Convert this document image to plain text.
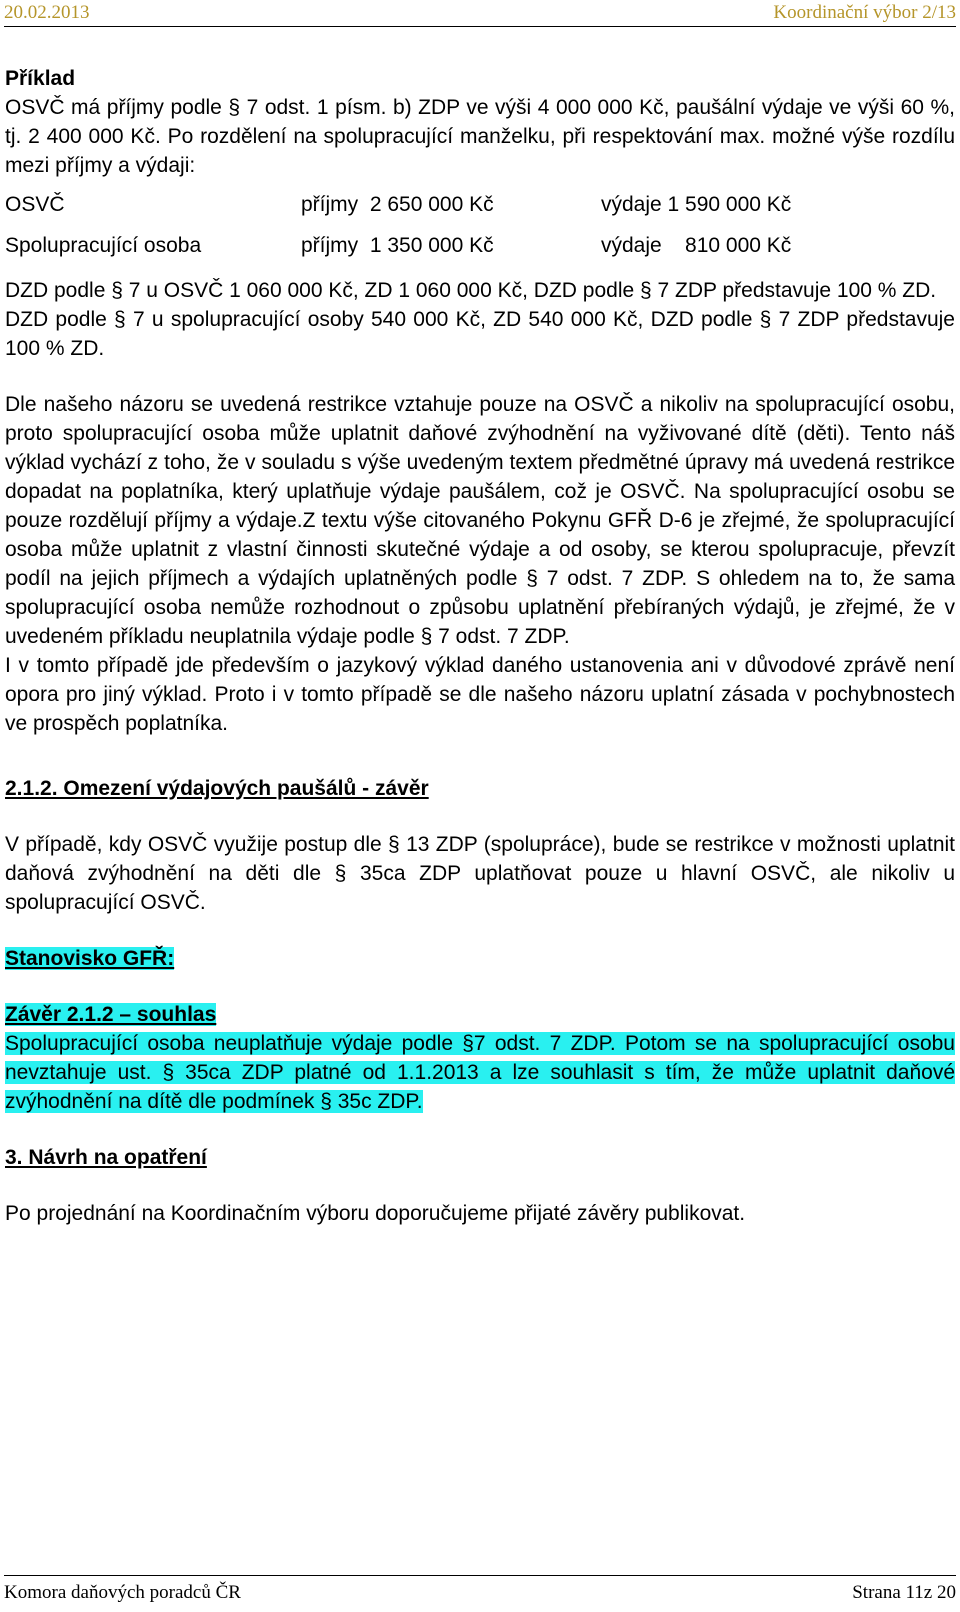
20.02.2013	Koordinační výbor 2/13

Příklad

OSVČ má příjmy podle § 7 odst. 1 písm. b) ZDP ve výši 4 000 000 Kč, paušální výdaje ve výši 60 %, tj. 2 400 000 Kč. Po rozdělení na spolupracující manželku, při respektování max. možné výše rozdílu mezi příjmy a výdaji:

OSVČ	příjmy  2 650 000 Kč	výdaje 1 590 000 Kč
Spolupracující osoba	příjmy  1 350 000 Kč	výdaje    810 000 Kč

DZD podle § 7 u OSVČ 1 060 000 Kč, ZD 1 060 000 Kč, DZD podle § 7 ZDP představuje 100 % ZD.

DZD podle § 7 u spolupracující osoby 540 000 Kč, ZD 540 000 Kč, DZD podle § 7 ZDP představuje 100 % ZD.

Dle našeho názoru se uvedená restrikce vztahuje pouze na OSVČ a nikoliv na spolupracující osobu, proto spolupracující osoba může uplatnit daňové zvýhodnění na vyživované dítě (děti). Tento náš výklad vychází z toho, že v souladu s výše uvedeným textem předmětné úpravy má uvedená restrikce dopadat na poplatníka, který uplatňuje výdaje paušálem, což je OSVČ. Na spolupracující osobu se pouze rozdělují příjmy a výdaje.Z textu výše citovaného Pokynu GFŘ D-6 je zřejmé, že spolupracující osoba může uplatnit z vlastní činnosti skutečné výdaje a od osoby, se kterou spolupracuje, převzít podíl na jejich příjmech a výdajích uplatněných podle § 7 odst. 7 ZDP. S ohledem na to, že sama spolupracující osoba nemůže rozhodnout o způsobu uplatnění přebíraných výdajů, je zřejmé, že v uvedeném příkladu neuplatnila výdaje podle § 7 odst. 7 ZDP.

I v tomto případě jde především o jazykový výklad daného ustanovenia ani v důvodové zprávě není opora pro jiný výklad. Proto i v tomto případě se dle našeho názoru uplatní zásada v pochybnostech ve prospěch poplatníka.

2.1.2. Omezení výdajových paušálů - závěr

V případě, kdy OSVČ využije postup dle § 13 ZDP (spolupráce), bude se restrikce v možnosti uplatnit daňová zvýhodnění na děti dle § 35ca ZDP uplatňovat pouze u hlavní OSVČ, ale nikoliv u spolupracující OSVČ.

Stanovisko GFŘ:

Závěr 2.1.2 – souhlas

Spolupracující osoba neuplatňuje výdaje podle §7 odst. 7 ZDP. Potom se na spolupracující osobu nevztahuje ust. § 35ca ZDP platné od 1.1.2013 a lze souhlasit s tím, že může uplatnit daňové zvýhodnění na dítě dle podmínek § 35c ZDP.

3. Návrh na opatření

Po projednání na Koordinačním výboru doporučujeme přijaté závěry publikovat.

Komora daňových poradců ČR	Strana 11z 20
